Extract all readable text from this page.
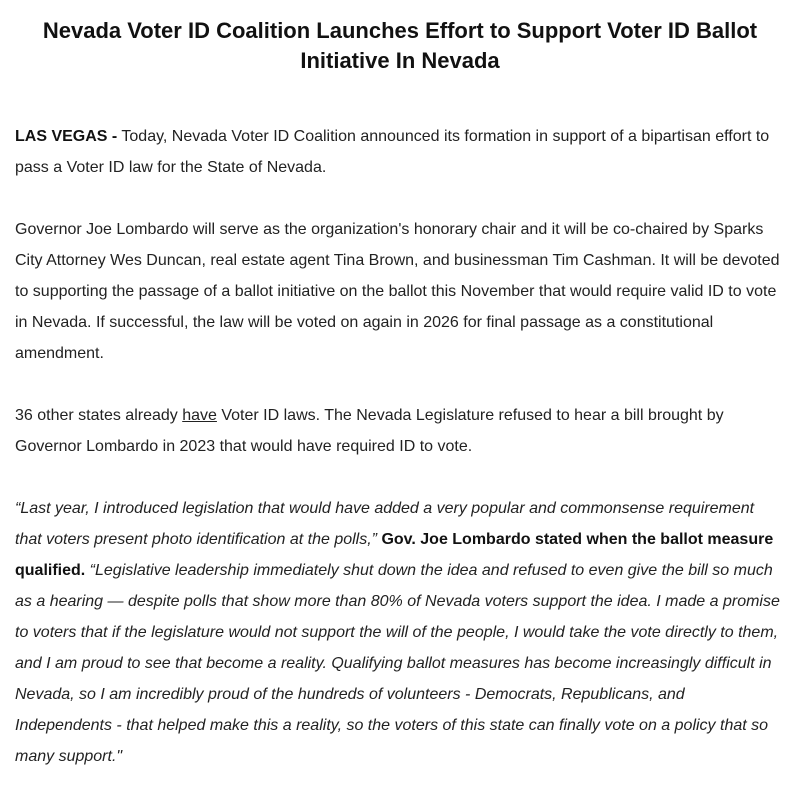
Nevada Voter ID Coalition Launches Effort to Support Voter ID Ballot Initiative In Nevada

LAS VEGAS - Today, Nevada Voter ID Coalition announced its formation in support of a bipartisan effort to pass a Voter ID law for the State of Nevada.

Governor Joe Lombardo will serve as the organization's honorary chair and it will be co-chaired by Sparks City Attorney Wes Duncan, real estate agent Tina Brown, and businessman Tim Cashman. It will be devoted to supporting the passage of a ballot initiative on the ballot this November that would require valid ID to vote in Nevada. If successful, the law will be voted on again in 2026 for final passage as a constitutional amendment.

36 other states already have Voter ID laws. The Nevada Legislature refused to hear a bill brought by Governor Lombardo in 2023 that would have required ID to vote.

“Last year, I introduced legislation that would have added a very popular and commonsense requirement that voters present photo identification at the polls,” Gov. Joe Lombardo stated when the ballot measure qualified. “Legislative leadership immediately shut down the idea and refused to even give the bill so much as a hearing — despite polls that show more than 80% of Nevada voters support the idea. I made a promise to voters that if the legislature would not support the will of the people, I would take the vote directly to them, and I am proud to see that become a reality. Qualifying ballot measures has become increasingly difficult in Nevada, so I am incredibly proud of the hundreds of volunteers - Democrats, Republicans, and Independents - that helped make this a reality, so the voters of this state can finally vote on a policy that so many support."
